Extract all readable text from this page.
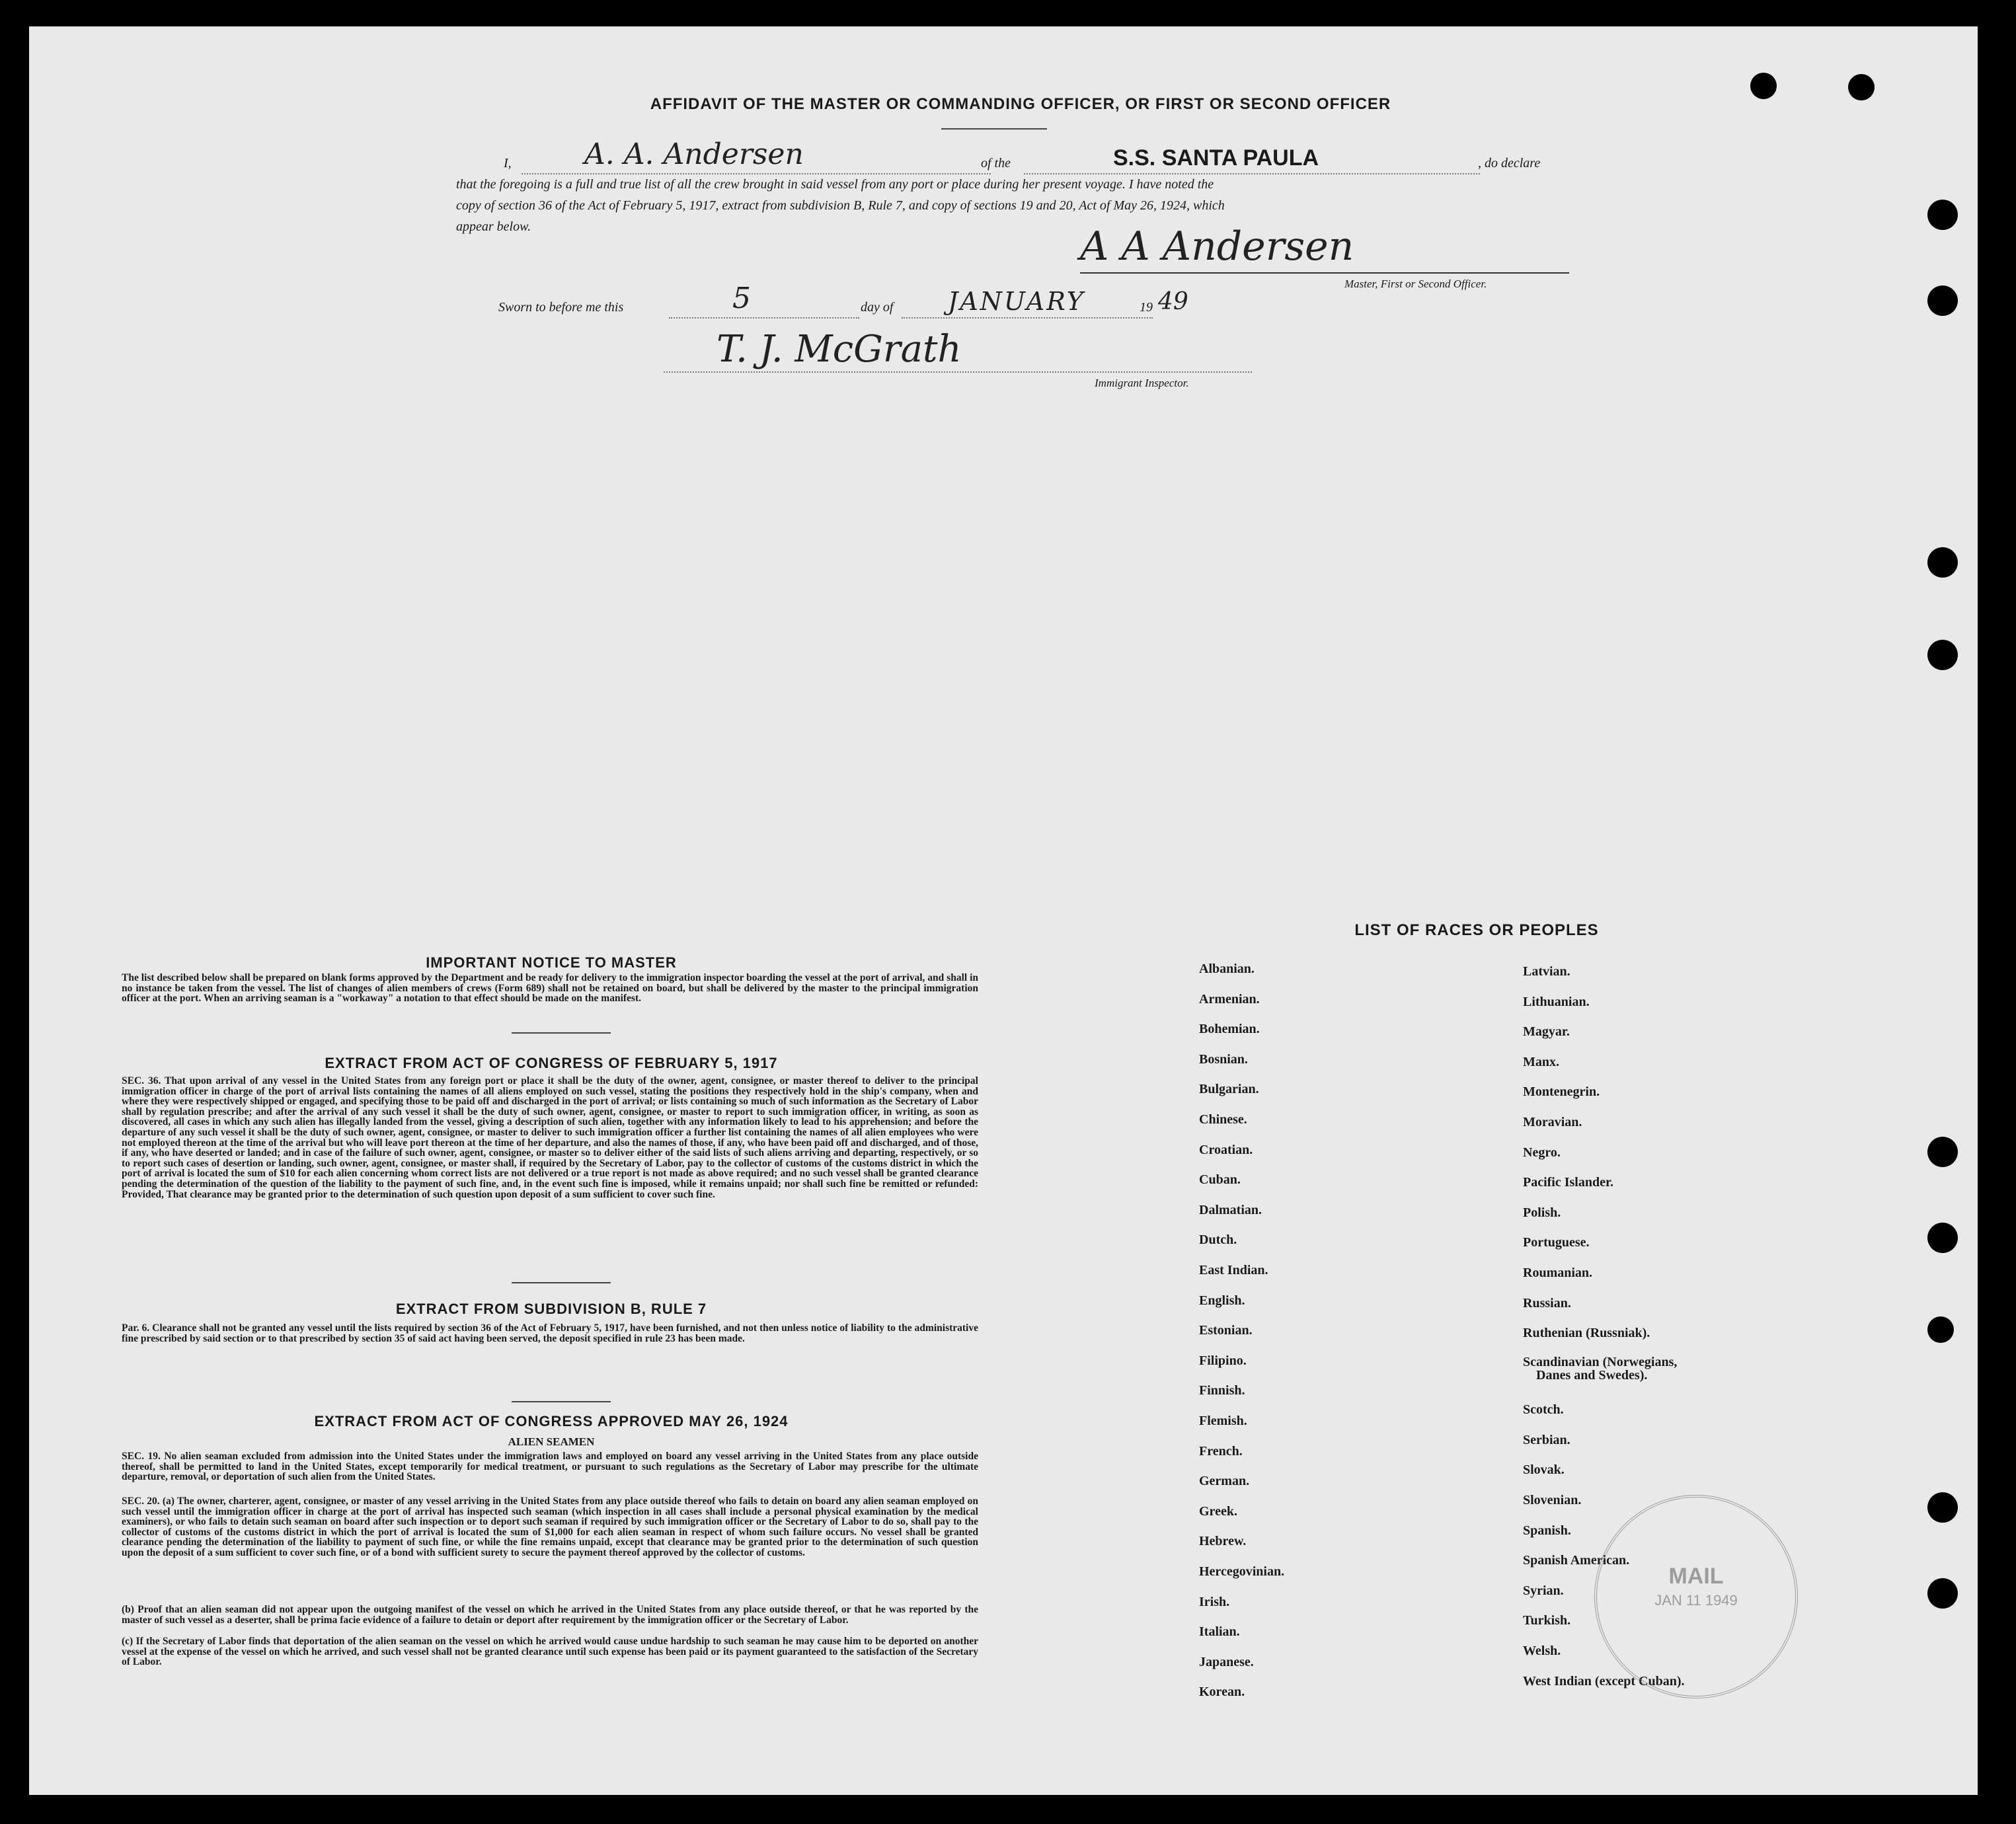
AFFIDAVIT OF THE MASTER OR COMMANDING OFFICER, OR FIRST OR SECOND OFFICER
I,	A. A. Andersen	of the	S.S. SANTA PAULA	, do declare
that the foregoing is a full and true list of all the crew brought in said vessel from any port or place during her present voyage. I have noted the
copy of section 36 of the Act of February 5, 1917, extract from subdivision B, Rule 7, and copy of sections 19 and 20, Act of May 26, 1924, which
appear below.	A A Andersen
Master, First or Second Officer.
Sworn to before me this	5	day of JANUARY	19 49
T. J. McGrath
Immigrant Inspector.
IMPORTANT NOTICE TO MASTER
The list described below shall be prepared on blank forms approved by the Department and be ready for delivery to the immigration inspector boarding the vessel at the port of arrival, and shall in no instance be taken from the vessel. The list of changes of alien members of crews (Form 689) shall not be retained on board, but shall be delivered by the master to the principal immigration officer at the port. When an arriving seaman is a "workaway" a notation to that effect should be made on the manifest.
EXTRACT FROM ACT OF CONGRESS OF FEBRUARY 5, 1917
SEC. 36. That upon arrival of any vessel in the United States from any foreign port or place it shall be the duty of the owner, agent, consignee, or master thereof to deliver to the principal immigration officer in charge of the port of arrival lists containing the names of all aliens employed on such vessel, stating the positions they respectively hold in the ship's company, when and where they were respectively shipped or engaged, and specifying those to be paid off and discharged in the port of arrival; or lists containing so much of such information as the Secretary of Labor shall by regulation prescribe; and after the arrival of any such vessel it shall be the duty of such owner, agent, consignee, or master to report to such immigration officer, in writing, as soon as discovered, all cases in which any such alien has illegally landed from the vessel, giving a description of such alien, together with any information likely to lead to his apprehension; and before the departure of any such vessel it shall be the duty of such owner, agent, consignee, or master to deliver to such immigration officer a further list containing the names of all alien employees who were not employed thereon at the time of the arrival but who will leave port thereon at the time of her departure, and also the names of those, if any, who have been paid off and discharged, and of those, if any, who have deserted or landed; and in case of the failure of such owner, agent, consignee, or master so to deliver either of the said lists of such aliens arriving and departing, respectively, or so to report such cases of desertion or landing, such owner, agent, consignee, or master shall, if required by the Secretary of Labor, pay to the collector of customs of the customs district in which the port of arrival is located the sum of $10 for each alien concerning whom correct lists are not delivered or a true report is not made as above required; and no such vessel shall be granted clearance pending the determination of the question of the liability to the payment of such fine, and, in the event such fine is imposed, while it remains unpaid; nor shall such fine be remitted or refunded: Provided, That clearance may be granted prior to the determination of such question upon deposit of a sum sufficient to cover such fine.
EXTRACT FROM SUBDIVISION B, RULE 7
Par. 6. Clearance shall not be granted any vessel until the lists required by section 36 of the Act of February 5, 1917, have been furnished, and not then unless notice of liability to the administrative fine prescribed by said section or to that prescribed by section 35 of said act having been served, the deposit specified in rule 23 has been made.
EXTRACT FROM ACT OF CONGRESS APPROVED MAY 26, 1924
ALIEN SEAMEN
SEC. 19. No alien seaman excluded from admission into the United States under the immigration laws and employed on board any vessel arriving in the United States from any place outside thereof, shall be permitted to land in the United States, except temporarily for medical treatment, or pursuant to such regulations as the Secretary of Labor may prescribe for the ultimate departure, removal, or deportation of such alien from the United States.
SEC. 20. (a) The owner, charterer, agent, consignee, or master of any vessel arriving in the United States from any place outside thereof who fails to detain on board any alien seaman employed on such vessel until the immigration officer in charge at the port of arrival has inspected such seaman (which inspection in all cases shall include a personal physical examination by the medical examiners), or who fails to detain such seaman on board after such inspection or to deport such seaman if required by such immigration officer or the Secretary of Labor to do so, shall pay to the collector of customs of the customs district in which the port of arrival is located the sum of $1,000 for each alien seaman in respect of whom such failure occurs. No vessel shall be granted clearance pending the determination of the liability to payment of such fine, or while the fine remains unpaid, except that clearance may be granted prior to the determination of such question upon the deposit of a sum sufficient to cover such fine, or of a bond with sufficient surety to secure the payment thereof approved by the collector of customs.
(b) Proof that an alien seaman did not appear upon the outgoing manifest of the vessel on which he arrived in the United States from any place outside thereof, or that he was reported by the master of such vessel as a deserter, shall be prima facie evidence of a failure to detain or deport after requirement by the immigration officer or the Secretary of Labor.
(c) If the Secretary of Labor finds that deportation of the alien seaman on the vessel on which he arrived would cause undue hardship to such seaman he may cause him to be deported on another vessel at the expense of the vessel on which he arrived, and such vessel shall not be granted clearance until such expense has been paid or its payment guaranteed to the satisfaction of the Secretary of Labor.
LIST OF RACES OR PEOPLES
Albanian.
Armenian.
Bohemian.
Bosnian.
Bulgarian.
Chinese.
Croatian.
Cuban.
Dalmatian.
Dutch.
East Indian.
English.
Estonian.
Filipino.
Finnish.
Flemish.
French.
German.
Greek.
Hebrew.
Hercegovinian.
Irish.
Italian.
Japanese.
Korean.
Latvian.
Lithuanian.
Magyar.
Manx.
Montenegrin.
Moravian.
Negro.
Pacific Islander.
Polish.
Portuguese.
Roumanian.
Russian.
Ruthenian (Russniak).
Scandinavian (Norwegians,
Danes and Swedes).
Scotch.
Serbian.
Slovak.
Slovenian.
Spanish.
Spanish American.
Syrian.
Turkish.
Welsh.
West Indian (except Cuban).
MAIL
JAN 11 1949
